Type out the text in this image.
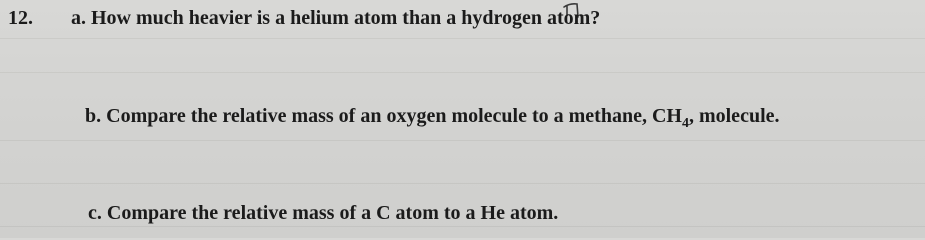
12. a. How much heavier is a helium atom than a hydrogen atom?
b. Compare the relative mass of an oxygen molecule to a methane, $CH_4$, molecule.
c. Compare the relative mass of a C atom to a He atom.
